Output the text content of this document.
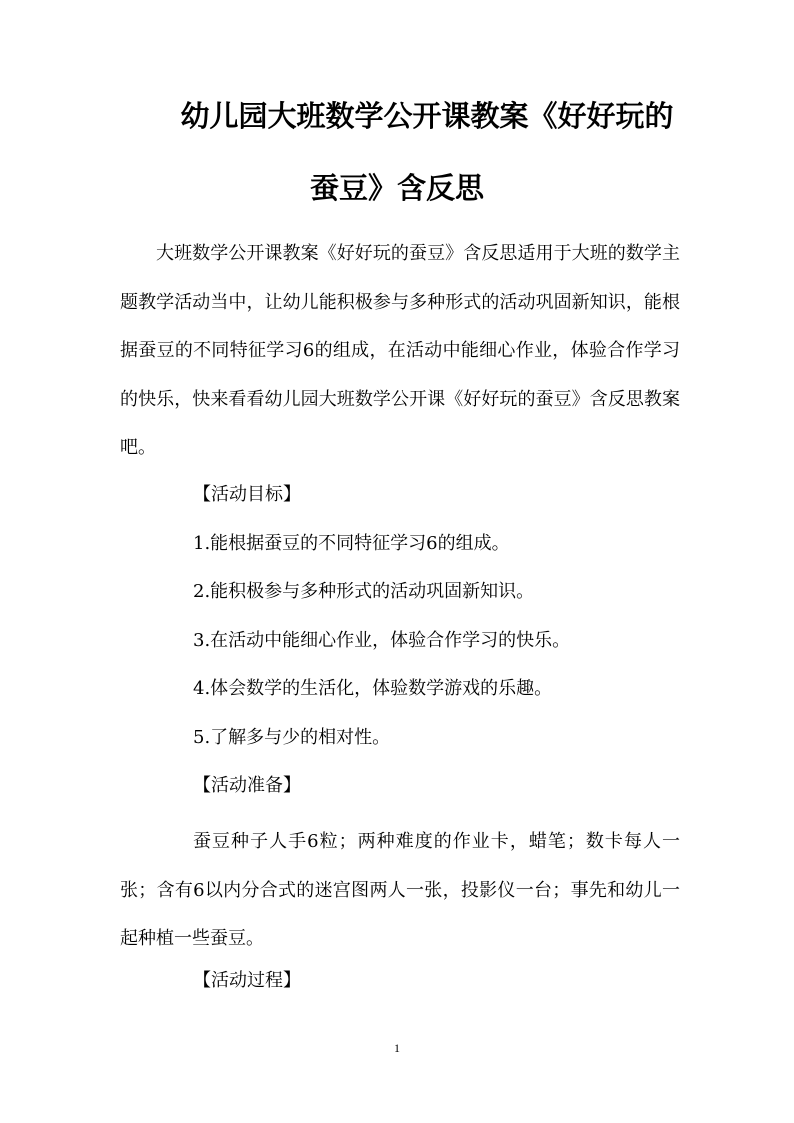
幼儿园大班数学公开课教案《好好玩的
蚕豆》含反思

大班数学公开课教案《好好玩的蚕豆》含反思适用于大班的数学主题教学活动当中，让幼儿能积极参与多种形式的活动巩固新知识，能根据蚕豆的不同特征学习6的组成，在活动中能细心作业，体验合作学习的快乐，快来看看幼儿园大班数学公开课《好好玩的蚕豆》含反思教案吧。

【活动目标】

1.能根据蚕豆的不同特征学习6的组成。

2.能积极参与多种形式的活动巩固新知识。

3.在活动中能细心作业，体验合作学习的快乐。

4.体会数学的生活化，体验数学游戏的乐趣。

5.了解多与少的相对性。

【活动准备】

蚕豆种子人手6粒；两种难度的作业卡，蜡笔；数卡每人一张；含有6以内分合式的迷宫图两人一张，投影仪一台；事先和幼儿一起种植一些蚕豆。

【活动过程】

1
